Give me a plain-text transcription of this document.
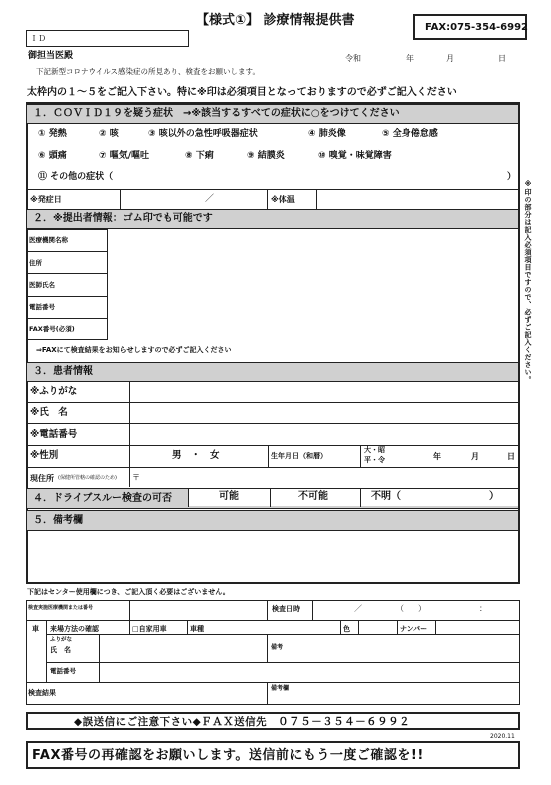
【様式①】 診療情報提供書	FAX:075-354-6992
ＩＤ
御担当医殿	令和	年	月	日
下記新型コロナウイルス感染症の所見あり、検査をお願いします。
太枠内の１～５をご記入下さい。特に※印は必須項目となっておりますので必ずご記入ください
１．ＣＯＶＩＤ１９を疑う症状　→※該当するすべての症状に○をつけてください
① 発熱	② 咳	③ 咳以外の急性呼吸器症状	④ 肺炎像	⑤ 全身倦怠感
⑥ 頭痛	⑦ 嘔気/嘔吐	⑧ 下痢	⑨ 結膜炎	⑩ 嗅覚・味覚障害
⑪ その他の症状（	）
※発症日	／	※体温
２．※提出者情報：ゴム印でも可能です
医療機関名称
住所
医師氏名
電話番号
FAX番号(必須)
⇒FAXにて検査結果をお知らせしますので必ずご記入ください
３．患者情報
※ふりがな
※氏　名
※電話番号
※性別	男　・　女	生年月日（和暦）
大・昭
平・令	年	月	日
現住所 (保健所管轄の確認のため) 〒
４．ドライブスルー検査の可否	可能	不可能	不明（	）
５．備考欄
※印の部分は記入必須項目ですので、必ずご記入ください。
下記はセンター使用欄につき、ご記入頂く必要はございません。
検査実施医療機関または番号	検査日時	／	（ ）	：
車 来場方法の確認	□自家用車	車種	色	ナンバー
ふりがな
氏　名	備考
電話番号
検査結果
備考欄
◆誤送信にご注意下さい◆ＦＡＸ送信先　０７５－３５４－６９９２
2020.11
FAX番号の再確認をお願いします。送信前にもう一度ご確認を!!
